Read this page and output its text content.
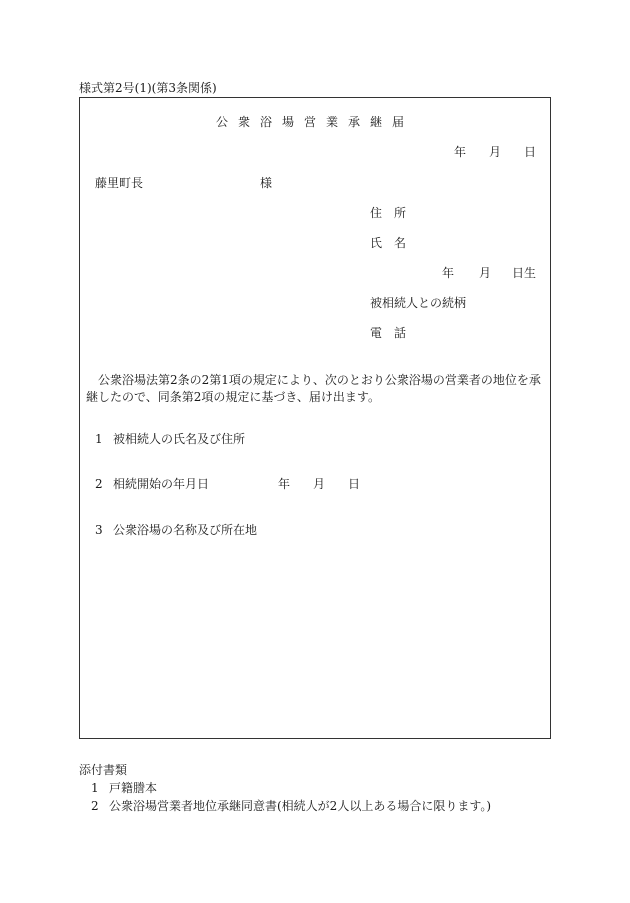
様式第2号(1)(第3条関係)
公衆浴場営業承継届
年 月 日
藤里町長	様
住　所
氏　名
年 月 日生
被相続人との続柄
電　話
公衆浴場法第2条の2第1項の規定により、次のとおり公衆浴場の営業者の地位を承継したので、同条第2項の規定に基づき、届け出ます。
1 被相続人の氏名及び住所
2 相続開始の年月日	年 月 日
3 公衆浴場の名称及び所在地
添付書類
1 戸籍謄本
2 公衆浴場営業者地位承継同意書(相続人が2人以上ある場合に限ります。)
